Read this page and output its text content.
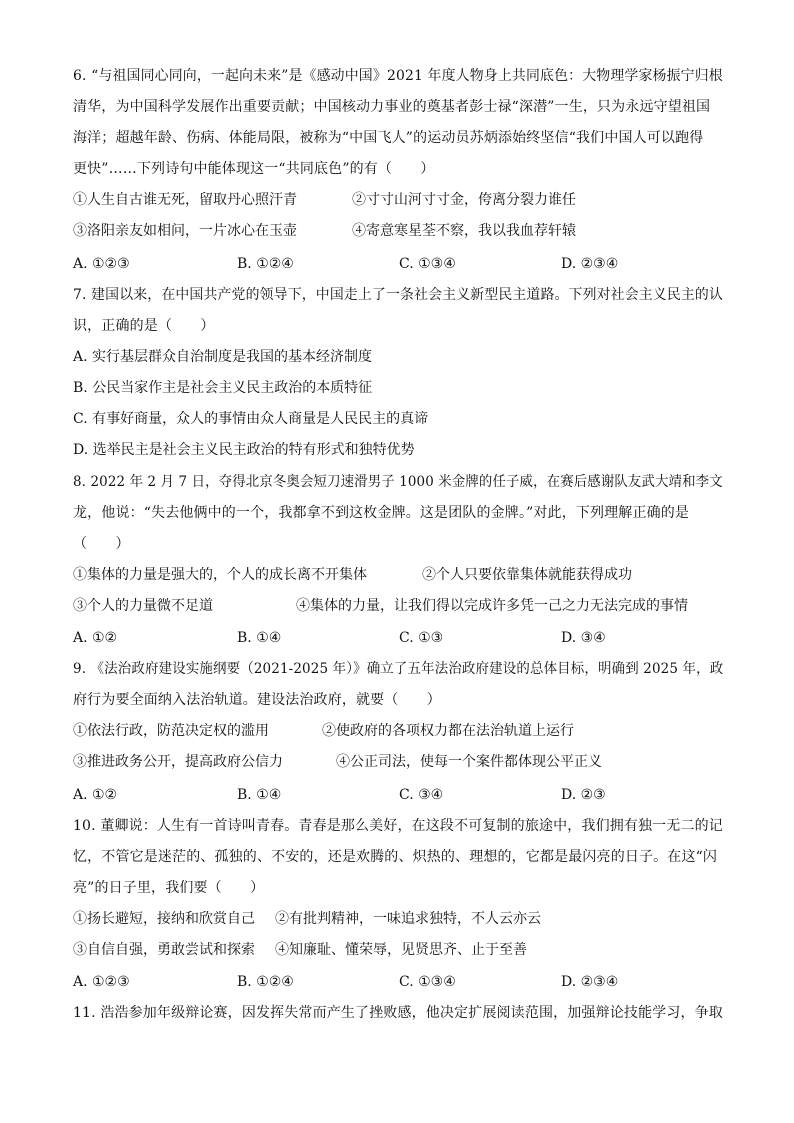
6. “与祖国同心同向，一起向未来”是《感动中国》2021 年度人物身上共同底色：大物理学家杨振宁归根
清华，为中国科学发展作出重要贡献；中国核动力事业的奠基者彭士禄“深潜”一生，只为永远守望祖国
海洋；超越年龄、伤病、体能局限，被称为“中国飞人”的运动员苏炳添始终坚信“我们中国人可以跑得
更快”……下列诗句中能体现这一“共同底色”的有（　　）
①人生自古谁无死，留取丹心照汗青	②寸寸山河寸寸金，侉离分裂力谁任
③洛阳亲友如相问，一片冰心在玉壶	④寄意寒星荃不察，我以我血荐轩辕
A. ①②③	B. ①②④	C. ①③④	D. ②③④
7. 建国以来，在中国共产党的领导下，中国走上了一条社会主义新型民主道路。下列对社会主义民主的认
识，正确的是（　　）
A. 实行基层群众自治制度是我国的基本经济制度
B. 公民当家作主是社会主义民主政治的本质特征
C. 有事好商量，众人的事情由众人商量是人民民主的真谛
D. 选举民主是社会主义民主政治的特有形式和独特优势
8. 2022 年 2 月 7 日，夺得北京冬奥会短刀速滑男子 1000 米金牌的任子威，在赛后感谢队友武大靖和李文
龙，他说：“失去他俩中的一个，我都拿不到这枚金牌。这是团队的金牌。”对此，下列理解正确的是
（　　）
①集体的力量是强大的，个人的成长离不开集体	②个人只要依靠集体就能获得成功
③个人的力量微不足道	④集体的力量，让我们得以完成许多凭一己之力无法完成的事情
A. ①②	B. ①④	C. ①③	D. ③④
9. 《法治政府建设实施纲要（2021-2025 年）》确立了五年法治政府建设的总体目标，明确到 2025 年，政
府行为要全面纳入法治轨道。建设法治政府，就要（　　）
①依法行政，防范决定权的滥用	②使政府的各项权力都在法治轨道上运行
③推进政务公开，提高政府公信力	④公正司法，使每一个案件都体现公平正义
A. ①②	B. ①④	C. ③④	D. ②③
10. 董卿说：人生有一首诗叫青春。青春是那么美好，在这段不可复制的旅途中，我们拥有独一无二的记
忆，不管它是迷茫的、孤独的、不安的，还是欢腾的、炽热的、理想的，它都是最闪亮的日子。在这“闪
亮”的日子里，我们要（　　）
①扬长避短，接纳和欣赏自己 ②有批判精神，一味追求独特，不人云亦云
③自信自强，勇敢尝试和探索 ④知廉耻、懂荣辱，见贤思齐、止于至善
A. ①②③	B. ①②④	C. ①③④	D. ②③④
11. 浩浩参加年级辩论赛，因发挥失常而产生了挫败感，他决定扩展阅读范围，加强辩论技能学习，争取
